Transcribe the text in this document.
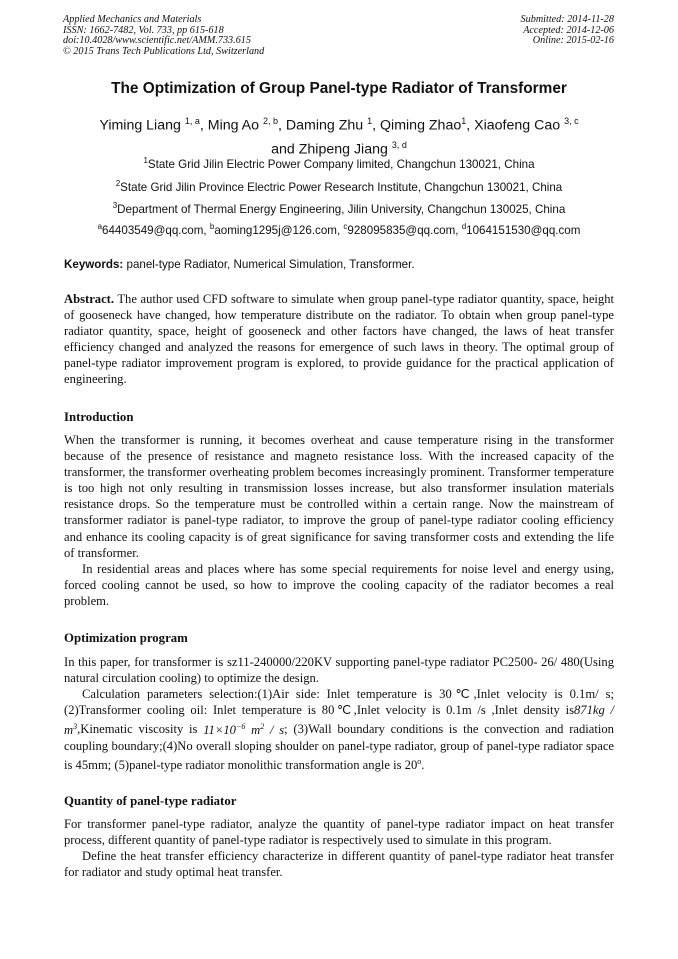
Applied Mechanics and Materials
ISSN: 1662-7482, Vol. 733, pp 615-618
doi:10.4028/www.scientific.net/AMM.733.615
© 2015 Trans Tech Publications Ltd, Switzerland
Submitted: 2014-11-28
Accepted: 2014-12-06
Online: 2015-02-16
The Optimization of Group Panel-type Radiator of Transformer
Yiming Liang $^{1, a}$, Ming Ao $^{2, b}$, Daming Zhu $^1$, Qiming Zhao$^1$, Xiaofeng Cao $^{3, c}$
and Zhipeng Jiang $^{3, d}$
$^1$State Grid Jilin Electric Power Company limited, Changchun 130021, China
$^2$State Grid Jilin Province Electric Power Research Institute, Changchun 130021, China
$^3$Department of Thermal Energy Engineering, Jilin University, Changchun 130025, China
$^a$64403549@qq.com, $^b$aoming1295j@126.com, $^c$928095835@qq.com, $^d$1064151530@qq.com
Keywords: panel-type Radiator, Numerical Simulation, Transformer.

Abstract. The author used CFD software to simulate when group panel-type radiator quantity, space, height of gooseneck have changed, how temperature distribute on the radiator. To obtain when group panel-type radiator quantity, space, height of gooseneck and other factors have changed, the laws of heat transfer efficiency changed and analyzed the reasons for emergence of such laws in theory. The optimal group of panel-type radiator improvement program is explored, to provide guidance for the practical application of engineering.

Introduction

When the transformer is running, it becomes overheat and cause temperature rising in the transformer because of the presence of resistance and magneto resistance loss. With the increased capacity of the transformer, the transformer overheating problem becomes increasingly prominent. Transformer temperature is too high not only resulting in transmission losses increase, but also transformer insulation materials resistance drops. So the temperature must be controlled within a certain range. Now the mainstream of transformer radiator is panel-type radiator, to improve the group of panel-type radiator cooling efficiency and enhance its cooling capacity is of great significance for saving transformer costs and extending the life of transformer.

In residential areas and places where has some special requirements for noise level and energy using, forced cooling cannot be used, so how to improve the cooling capacity of the radiator becomes a real problem.

Optimization program

In this paper, for transformer is sz11-240000/220KV supporting panel-type radiator PC2500- 26/ 480(Using natural circulation cooling) to optimize the design.

Calculation parameters selection:(1)Air side: Inlet temperature is 30℃,Inlet velocity is 0.1m/ s;(2)Transformer cooling oil: Inlet temperature is 80℃,Inlet velocity is 0.1m /s ,Inlet density $is871kg / m^3,Kinematic$ viscosity is $11\times 10^{-6}$ $m^2$ / s; (3)Wall boundary conditions is the convection and radiation coupling boundary;(4)No overall sloping shoulder on panel-type radiator, group of panel-type radiator space is 45mm; (5)panel-type radiator monolithic transformation angle is 20$^o$.

Quantity of panel-type radiator

For transformer panel-type radiator, analyze the quantity of panel-type radiator impact on heat transfer process, different quantity of panel-type radiator is respectively used to simulate in this program.

Define the heat transfer efficiency characterize in different quantity of panel-type radiator heat transfer for radiator and study optimal heat transfer.
